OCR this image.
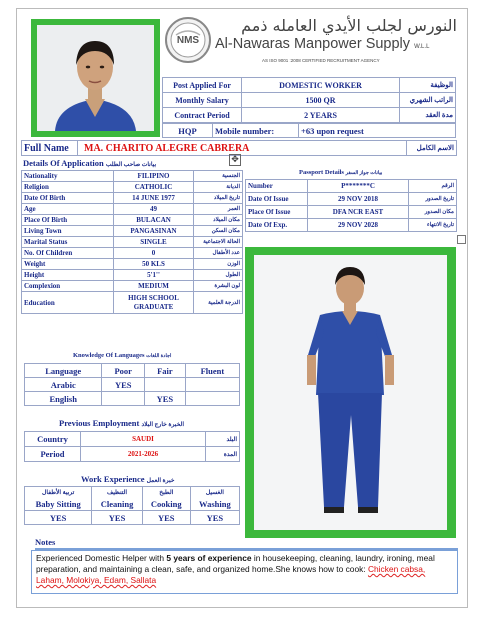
NMS
النورس لجلب الأيدي العامله ذمم
Al-Nawaras Manpower Supply W.L.L
AS ISO 9001 :2008 CERTIFIED RECRUITMENT AGENCY
Post Applied For	DOMESTIC WORKER	الوظيفة
Monthly Salary	1500 QR	الراتب الشهري
Contract Period	2 YEARS	مدة العقد
HQP	Mobile number:	+63 upon request
Full Name	MA. CHARITO ALEGRE CABRERA	الاسم الكامل
Details Of Application بيانات صاحب الطلب	✥
Nationality	FILIPINO	الجنسية
Religion	CATHOLIC	الديانة
Date Of Birth	14 JUNE 1977	تاريخ الميلاد
Age	49	العمر
Place Of Birth	BULACAN	مكان الميلاد
Living Town	PANGASINAN	مكان السكن
Marital Status	SINGLE	الحالة الاجتماعية
No. Of Children	0	عدد الأطفال
Weight	50 KLS	الوزن
Height	5'1''	الطول
Complexion	MEDIUM	لون البشرة
Education	HIGH SCHOOL GRADUATE	الدرجة العلمية
Passport Details بيانات جواز السفر
Number	P*******C	الرقم
Date Of Issue	29 NOV 2018	تاريخ الصدور
Place Of Issue	DFA NCR EAST	مكان الصدور
Date Of Exp.	29 NOV 2028	تاريخ الانتهاء
Knowledge Of Languages اجادة اللغات
Language	Poor	Fair	Fluent
Arabic	YES		
English		YES	
Previous Employment الخبرة خارج البلاد
Country	SAUDI	البلد
Period	2021-2026	المدة
Work Experience خبرة العمل
تربية الأطفال	التنظيف	الطبخ	الغسيل
Baby Sitting	Cleaning	Cooking	Washing
YES	YES	YES	YES
Notes
Experienced Domestic Helper with 5 years of experience in housekeeping, cleaning, laundry, ironing, meal preparation, and maintaining a clean, safe, and organized home.She knows how to cook: Chicken cabsa, Laham, Molokiya, Edam, Sallata
